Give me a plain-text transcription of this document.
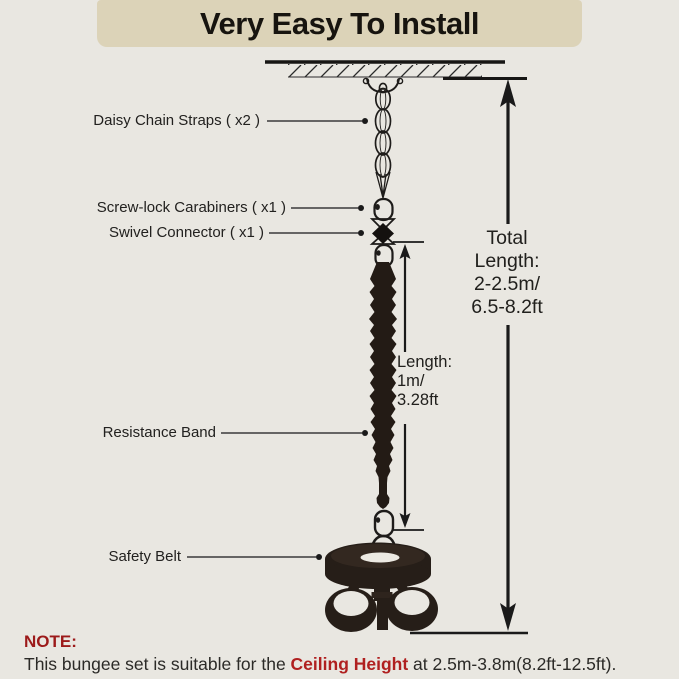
Very Easy To Install
Daisy Chain Straps ( x2 )
Screw-lock Carabiners ( x1 )
Swivel Connector ( x1 )
Resistance Band
Safety Belt
Total
Length:
2-2.5m/
6.5-8.2ft
Length:
1m/
3.28ft
NOTE:
This bungee set is suitable for the Ceiling Height at 2.5m-3.8m(8.2ft-12.5ft).
